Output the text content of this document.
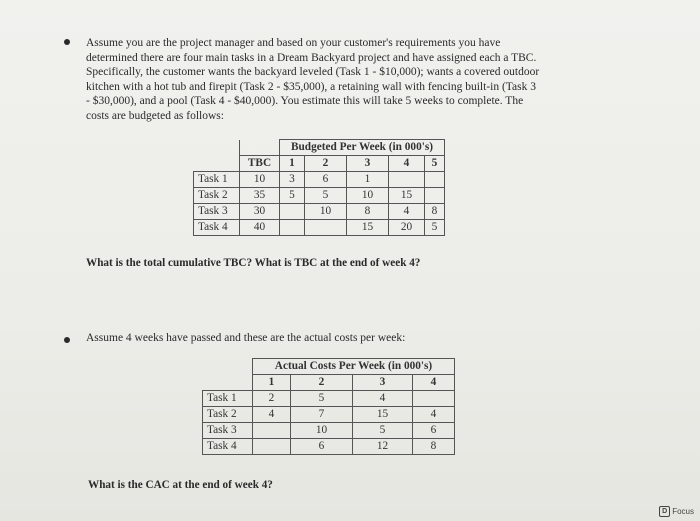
Assume you are the project manager and based on your customer's requirements you have
determined there are four main tasks in a Dream Backyard project and have assigned each a TBC.
Specifically, the customer wants the backyard leveled (Task 1 - $10,000); wants a covered outdoor
kitchen with a hot tub and firepit (Task 2 - $35,000), a retaining wall with fencing built-in (Task 3
- $30,000), and a pool (Task 4 - $40,000). You estimate this will take 5 weeks to complete. The
costs are budgeted as follows:

		Budgeted Per Week (in 000's)				
	TBC	1	2	3	4	5
Task 1	10	3	6	1		
Task 2	35	5	5	10	15	
Task 3	30		10	8	4	8
Task 4	40			15	20	5

What is the total cumulative TBC? What is TBC at the end of week 4?

Assume 4 weeks have passed and these are the actual costs per week:

	Actual Costs Per Week (in 000's)			
	1	2	3	4
Task 1	2	5	4	
Task 2	4	7	15	4
Task 3		10	5	6
Task 4		6	12	8

What is the CAC at the end of week 4?

D Focus
